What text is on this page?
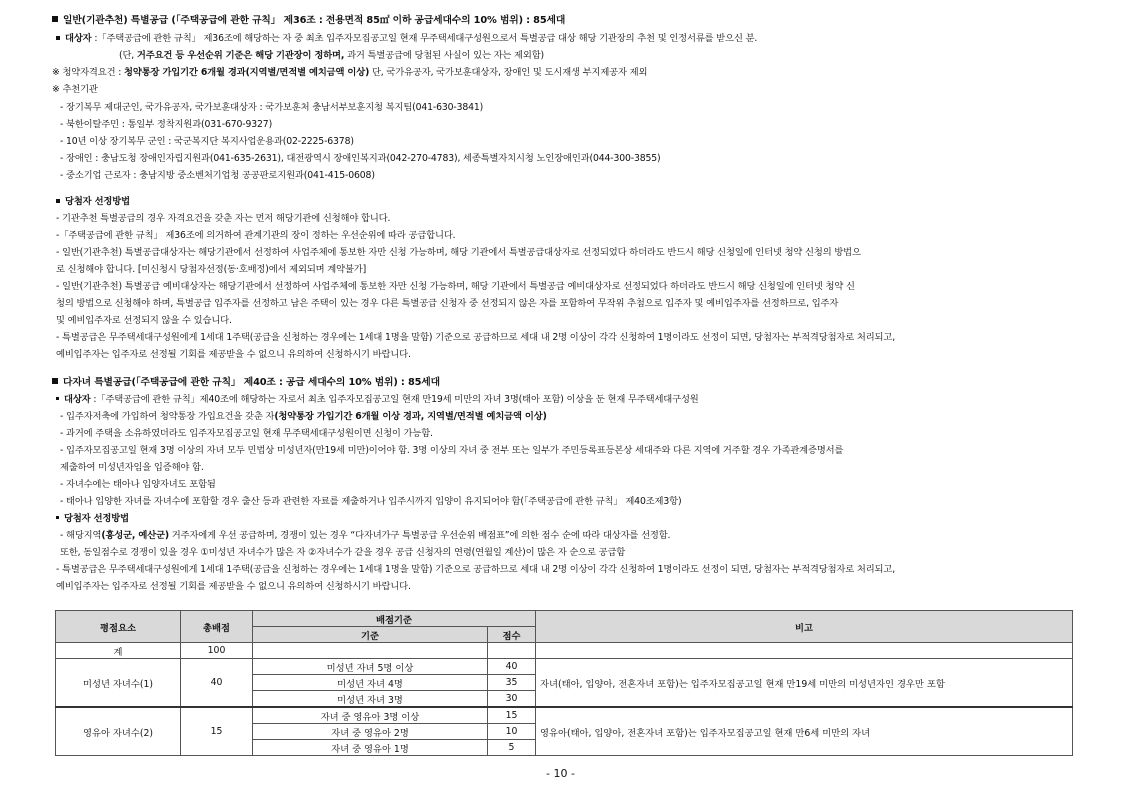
일반(기관추천) 특별공급 (「주택공급에 관한 규칙」 제36조 : 전용면적 85㎡ 이하 공급세대수의 10% 범위) : 85세대
대상자 :「주택공급에 관한 규칙」 제36조에 해당하는 자 중 최초 입주자모집공고일 현재 무주택세대구성원으로서 특별공급 대상 해당 기관장의 추천 및 인정서류를 받으신 분.
(단, 거주요건 등 우선순위 기준은 해당 기관장이 정하며, 과거 특별공급에 당첨된 사실이 있는 자는 제외함)
※ 청약자격요건 : 청약통장 가입기간 6개월 경과(지역별/면적별 예치금액 이상) 단, 국가유공자, 국가보훈대상자, 장애인 및 도시재생 부지제공자 제외
※ 추천기관
- 장기복무 제대군인, 국가유공자, 국가보훈대상자 : 국가보훈처 충남서부보훈지청 복지팀(041-630-3841)
- 북한이탈주민 : 통일부 정착지원과(031-670-9327)
- 10년 이상 장기복무 군인 : 국군복지단 복지사업운용과(02-2225-6378)
- 장애인 : 충남도청 장애인자립지원과(041-635-2631), 대전광역시 장애인복지과(042-270-4783), 세종특별자치시청 노인장애인과(044-300-3855)
- 중소기업 근로자 : 충남지방 중소벤처기업청 공공판로지원과(041-415-0608)
당첨자 선정방법
- 기관추천 특별공급의 경우 자격요건을 갖춘 자는 먼저 해당기관에 신청해야 합니다.
-「주택공급에 관한 규칙」 제36조에 의거하여 관계기관의 장이 정하는 우선순위에 따라 공급합니다.
- 일반(기관추천) 특별공급대상자는 해당기관에서 선정하여 사업주체에 통보한 자만 신청 가능하며, 해당 기관에서 특별공급대상자로 선정되었다 하더라도 반드시 해당 신청일에 인터넷 청약 신청의 방법으
로 신청해야 합니다. [미신청시 당첨자선정(동·호배정)에서 제외되며 계약불가]
- 일반(기관추천) 특별공급 예비대상자는 해당기관에서 선정하여 사업주체에 통보한 자만 신청 가능하며, 해당 기관에서 특별공급 예비대상자로 선정되었다 하더라도 반드시 해당 신청일에 인터넷 청약 신
청의 방법으로 신청해야 하며, 특별공급 입주자를 선정하고 남은 주택이 있는 경우 다른 특별공급 신청자 중 선정되지 않은 자를 포함하여 무작위 추첨으로 입주자 및 예비입주자를 선정하므로, 입주자
및 예비입주자로 선정되지 않을 수 있습니다.
- 특별공급은 무주택세대구성원에게 1세대 1주택(공급을 신청하는 경우에는 1세대 1명을 말함) 기준으로 공급하므로 세대 내 2명 이상이 각각 신청하여 1명이라도 선정이 되면, 당첨자는 부적격당첨자로 처리되고,
예비입주자는 입주자로 선정될 기회를 제공받을 수 없으니 유의하여 신청하시기 바랍니다.
다자녀 특별공급(「주택공급에 관한 규칙」 제40조 : 공급 세대수의 10% 범위) : 85세대
대상자 :「주택공급에 관한 규칙」제40조에 해당하는 자로서 최초 입주자모집공고일 현재 만19세 미만의 자녀 3명(태아 포함) 이상을 둔 현재 무주택세대구성원
- 입주자저축에 가입하여 청약통장 가입요건을 갖춘 자(청약통장 가입기간 6개월 이상 경과, 지역별/면적별 예치금액 이상)
- 과거에 주택을 소유하였더라도 입주자모집공고일 현재 무주택세대구성원이면 신청이 가능함.
- 입주자모집공고일 현재 3명 이상의 자녀 모두 민법상 미성년자(만19세 미만)이어야 함. 3명 이상의 자녀 중 전부 또는 일부가 주민등록표등본상 세대주와 다른 지역에 거주할 경우 가족관계증명서를
제출하여 미성년자임을 입증해야 함.
- 자녀수에는 태아나 입양자녀도 포함됨
- 태아나 입양한 자녀를 자녀수에 포함할 경우 출산 등과 관련한 자료를 제출하거나 입주시까지 입양이 유지되어야 함(「주택공급에 관한 규칙」 제40조제3항)
당첨자 선정방법
- 해당지역(홍성군, 예산군) 거주자에게 우선 공급하며, 경쟁이 있는 경우 “다자녀가구 특별공급 우선순위 배점표”에 의한 점수 순에 따라 대상자를 선정함.
또한, 동일점수로 경쟁이 있을 경우 ①미성년 자녀수가 많은 자 ②자녀수가 같을 경우 공급 신청자의 연령(연월일 계산)이 많은 자 순으로 공급함
- 특별공급은 무주택세대구성원에게 1세대 1주택(공급을 신청하는 경우에는 1세대 1명을 말함) 기준으로 공급하므로 세대 내 2명 이상이 각각 신청하여 1명이라도 선정이 되면, 당첨자는 부적격당첨자로 처리되고,
예비입주자는 입주자로 선정될 기회를 제공받을 수 없으니 유의하여 신청하시기 바랍니다.
평점요소	총배점	배점기준		비고
		기준	점수	
계	100			
미성년 자녀수(1)	40	미성년 자녀 5명 이상	40	자녀(태아, 입양아, 전혼자녀 포함)는 입주자모집공고일 현재 만19세 미만의 미성년자인 경우만 포함
		미성년 자녀 4명	35	
		미성년 자녀 3명	30	
영유아 자녀수(2)	15	자녀 중 영유아 3명 이상	15	영유아(태아, 입양아, 전혼자녀 포함)는 입주자모집공고일 현재 만6세 미만의 자녀
		자녀 중 영유아 2명	10	
		자녀 중 영유아 1명	5	
- 10 -
